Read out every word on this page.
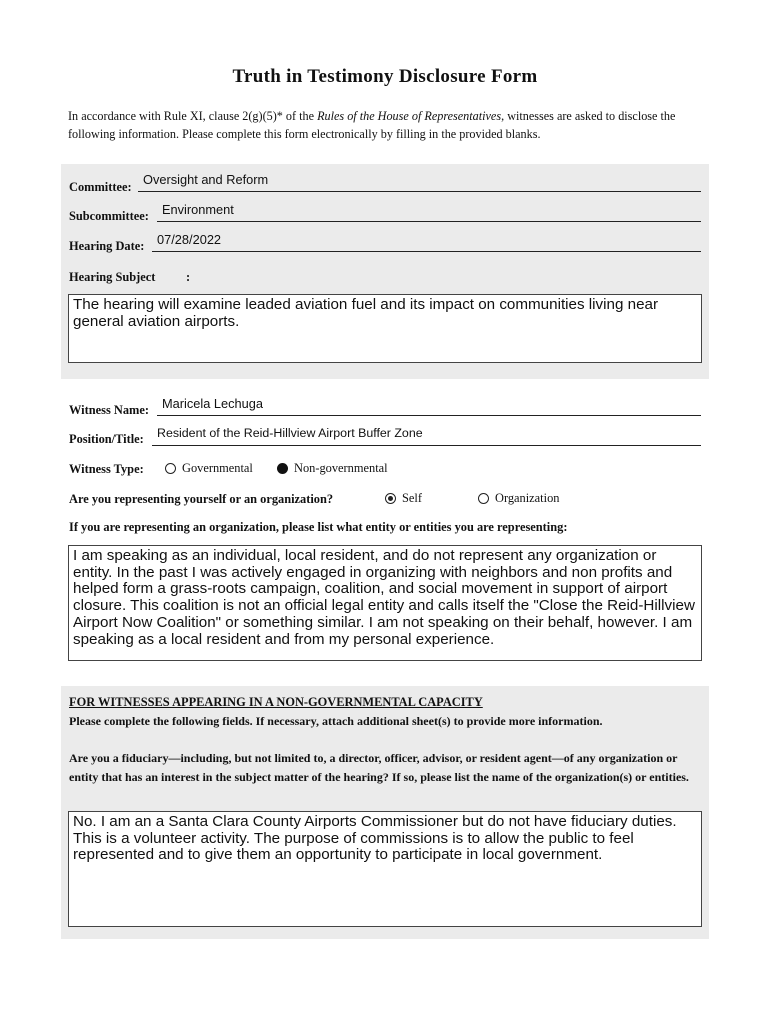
Truth in Testimony Disclosure Form
In accordance with Rule XI, clause 2(g)(5)* of the Rules of the House of Representatives, witnesses are asked to disclose the following information. Please complete this form electronically by filling in the provided blanks.
Committee: Oversight and Reform
Subcommittee: Environment
Hearing Date: 07/28/2022
Hearing Subject :
The hearing will examine leaded aviation fuel and its impact on communities living near general aviation airports.
Witness Name: Maricela Lechuga
Position/Title: Resident of the Reid-Hillview Airport Buffer Zone
Witness Type:	Governmental	Non-governmental
Are you representing yourself or an organization?	Self	Organization
If you are representing an organization, please list what entity or entities you are representing:
I am speaking as an individual, local resident, and do not represent any organization or entity. In the past I was actively engaged in organizing with neighbors and non profits and helped form a grass-roots campaign, coalition, and social movement in support of airport closure. This coalition is not an official legal entity and calls itself the "Close the Reid-Hillview Airport Now Coalition" or something similar. I am not speaking on their behalf, however. I am speaking as a local resident and from my personal experience.
FOR WITNESSES APPEARING IN A NON-GOVERNMENTAL CAPACITY
Please complete the following fields. If necessary, attach additional sheet(s) to provide more information.
Are you a fiduciary—including, but not limited to, a director, officer, advisor, or resident agent—of any organization or entity that has an interest in the subject matter of the hearing? If so, please list the name of the organization(s) or entities.
No. I am an a Santa Clara County Airports Commissioner but do not have fiduciary duties. This is a volunteer activity. The purpose of commissions is to allow the public to feel represented and to give them an opportunity to participate in local government.
